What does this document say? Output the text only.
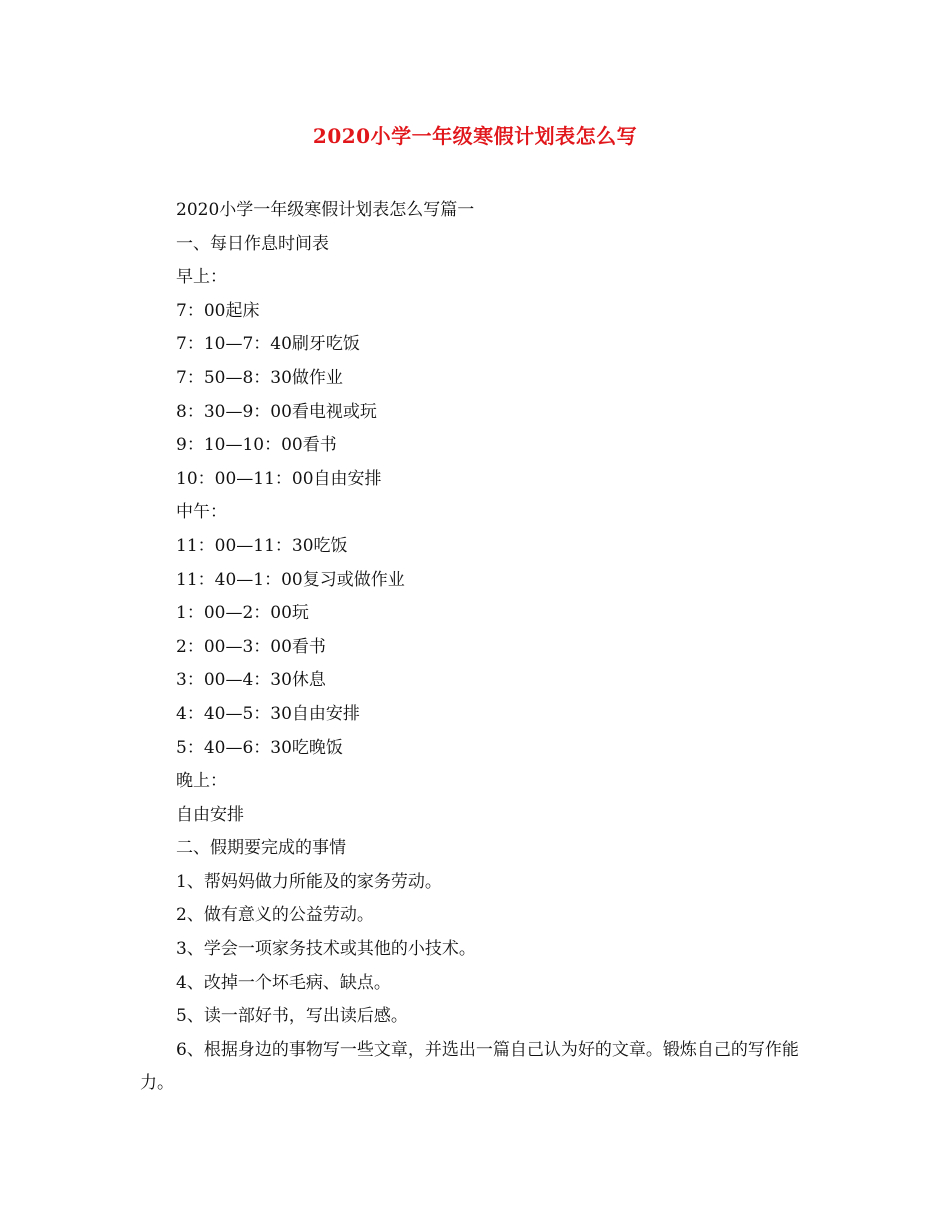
2020小学一年级寒假计划表怎么写
2020小学一年级寒假计划表怎么写篇一
一、每日作息时间表
早上：
7：00起床
7：10—7：40刷牙吃饭
7：50—8：30做作业
8：30—9：00看电视或玩
9：10—10：00看书
10：00—11：00自由安排
中午：
11：00—11：30吃饭
11：40—1：00复习或做作业
1：00—2：00玩
2：00—3：00看书
3：00—4：30休息
4：40—5：30自由安排
5：40—6：30吃晚饭
晚上：
自由安排
二、假期要完成的事情
1、帮妈妈做力所能及的家务劳动。
2、做有意义的公益劳动。
3、学会一项家务技术或其他的小技术。
4、改掉一个坏毛病、缺点。
5、读一部好书，写出读后感。
6、根据身边的事物写一些文章，并选出一篇自己认为好的文章。锻炼自己的写作能力。
